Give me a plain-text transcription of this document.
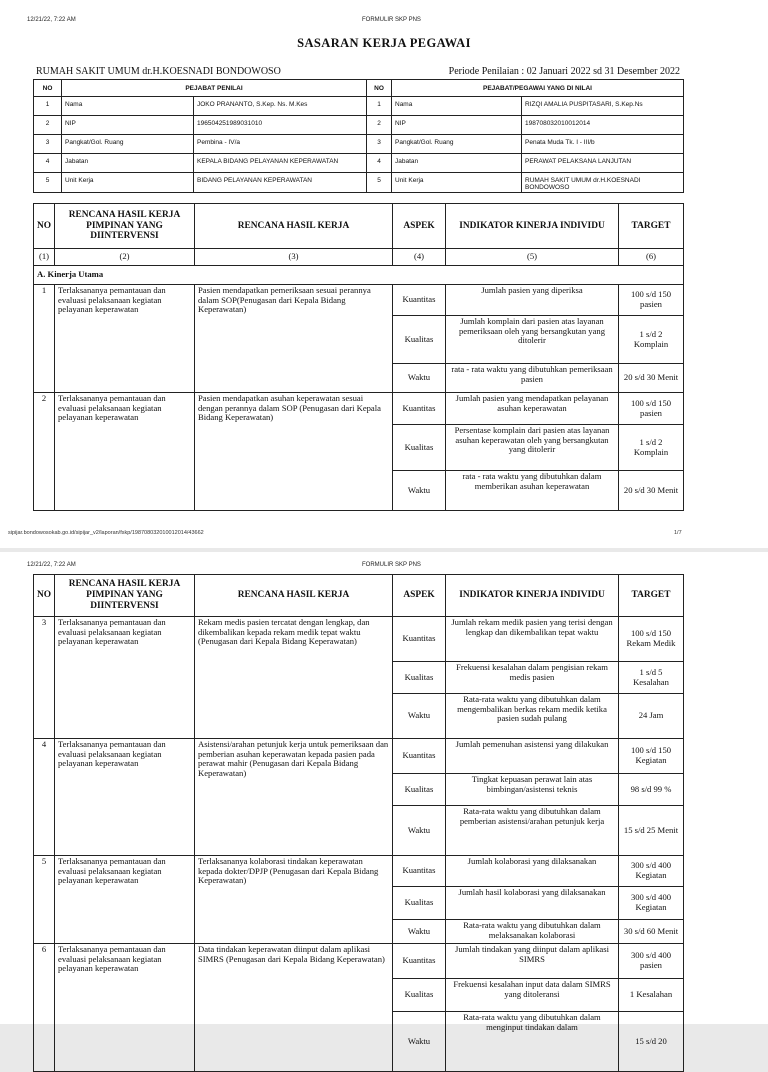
12/21/22, 7:22 AM	FORMULIR SKP PNS
SASARAN KERJA PEGAWAI
RUMAH SAKIT UMUM dr.H.KOESNADI BONDOWOSO	Periode Penilaian : 02 Januari 2022 sd 31 Desember 2022
NO	PEJABAT PENILAI		NO	PEJABAT/PEGAWAI YANG DI NILAI	
1	Nama	JOKO PRANANTO, S.Kep. Ns. M.Kes	1	Nama	RIZQI AMALIA PUSPITASARI, S.Kep.Ns
2	NIP	196504251989031010	2	NIP	198708032010012014
3	Pangkat/Gol. Ruang	Pembina - IV/a	3	Pangkat/Gol. Ruang	Penata Muda Tk. I - III/b
4	Jabatan	KEPALA BIDANG PELAYANAN KEPERAWATAN	4	Jabatan	PERAWAT PELAKSANA LANJUTAN
5	Unit Kerja	BIDANG PELAYANAN KEPERAWATAN	5	Unit Kerja	RUMAH SAKIT UMUM dr.H.KOESNADI BONDOWOSO
NO	RENCANA HASIL KERJA PIMPINAN YANG DIINTERVENSI	RENCANA HASIL KERJA	ASPEK	INDIKATOR KINERJA INDIVIDU	TARGET
(1)	(2)	(3)	(4)	(5)	(6)
A. Kinerja Utama					
1	Terlaksananya pemantauan dan evaluasi pelaksanaan kegiatan pelayanan keperawatan	Pasien mendapatkan pemeriksaan sesuai perannya dalam SOP(Penugasan dari Kepala Bidang Keperawatan)	Kuantitas	Jumlah pasien yang diperiksa	100 s/d 150 pasien
			Kualitas	Jumlah komplain dari pasien atas layanan pemeriksaan oleh yang bersangkutan yang ditolerir	1 s/d 2 Komplain
			Waktu	rata - rata waktu yang dibutuhkan pemeriksaan pasien	20 s/d 30 Menit
2	Terlaksananya pemantauan dan evaluasi pelaksanaan kegiatan pelayanan keperawatan	Pasien mendapatkan asuhan keperawatan sesuai dengan perannya dalam SOP (Penugasan dari Kepala Bidang Keperawatan)	Kuantitas	Jumlah pasien yang mendapatkan pelayanan asuhan keperawatan	100 s/d 150 pasien
			Kualitas	Persentase komplain dari pasien atas layanan asuhan keperawatan oleh yang bersangkutan yang ditolerir	1 s/d 2 Komplain
			Waktu	rata - rata waktu yang dibutuhkan dalam memberikan asuhan keperawatan	20 s/d 30 Menit
sipijar.bondowosokab.go.id/sipijar_v2/laporan/fskp/198708032010012014/43662	1/7
12/21/22, 7:22 AM	FORMULIR SKP PNS
NO	RENCANA HASIL KERJA PIMPINAN YANG DIINTERVENSI	RENCANA HASIL KERJA	ASPEK	INDIKATOR KINERJA INDIVIDU	TARGET
3	Terlaksananya pemantauan dan evaluasi pelaksanaan kegiatan pelayanan keperawatan	Rekam medis pasien tercatat dengan lengkap, dan dikembalikan kepada rekam medik tepat waktu (Penugasan dari Kepala Bidang Keperawatan)	Kuantitas	Jumlah rekam medik pasien yang terisi dengan lengkap dan dikembalikan tepat waktu	100 s/d 150 Rekam Medik
			Kualitas	Frekuensi kesalahan dalam pengisian rekam medis pasien	1 s/d 5 Kesalahan
			Waktu	Rata-rata waktu yang dibutuhkan dalam mengembalikan berkas rekam medik ketika pasien sudah pulang	24 Jam
4	Terlaksananya pemantauan dan evaluasi pelaksanaan kegiatan pelayanan keperawatan	Asistensi/arahan petunjuk kerja untuk pemeriksaan dan pemberian asuhan keperawatan kepada pasien pada perawat mahir (Penugasan dari Kepala Bidang Keperawatan)	Kuantitas	Jumlah pemenuhan asistensi yang dilakukan	100 s/d 150 Kegiatan
			Kualitas	Tingkat kepuasan perawat lain atas bimbingan/asistensi teknis	98 s/d 99 %
			Waktu	Rata-rata waktu yang dibutuhkan dalam pemberian asistensi/arahan petunjuk kerja	15 s/d 25 Menit
5	Terlaksananya pemantauan dan evaluasi pelaksanaan kegiatan pelayanan keperawatan	Terlaksananya kolaborasi tindakan keperawatan kepada dokter/DPJP (Penugasan dari Kepala Bidang Keperawatan)	Kuantitas	Jumlah kolaborasi yang dilaksanakan	300 s/d 400 Kegiatan
			Kualitas	Jumlah hasil kolaborasi yang dilaksanakan	300 s/d 400 Kegiatan
			Waktu	Rata-rata waktu yang dibutuhkan dalam melaksanakan kolaborasi	30 s/d 60 Menit
6	Terlaksananya pemantauan dan evaluasi pelaksanaan kegiatan pelayanan keperawatan	Data tindakan keperawatan diinput dalam aplikasi SIMRS (Penugasan dari Kepala Bidang Keperawatan)	Kuantitas	Jumlah tindakan yang diinput dalam aplikasi SIMRS	300 s/d 400 pasien
			Kualitas	Frekuensi kesalahan input data dalam SIMRS yang ditoleransi	1 Kesalahan
			Waktu	Rata-rata waktu yang dibutuhkan dalam menginput tindakan dalam	15 s/d 20
